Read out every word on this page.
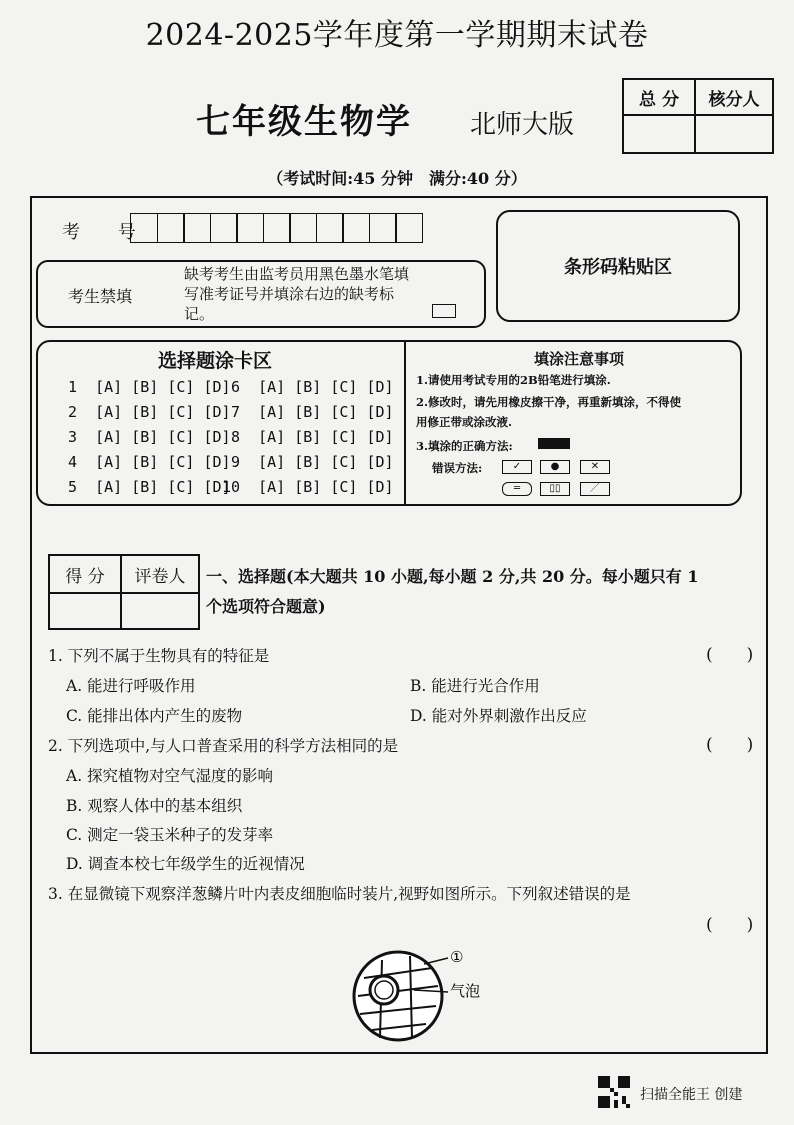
2024-2025学年度第一学期期末试卷
七年级生物学 北师大版
总 分	核分人
（考试时间:45 分钟　满分:40 分）
考 号
条形码粘贴区
考生禁填
缺考考生由监考员用黑色墨水笔填写准考证号并填涂右边的缺考标记。
选择题涂卡区
1  [A] [B] [C] [D]
2  [A] [B] [C] [D]
3  [A] [B] [C] [D]
4  [A] [B] [C] [D]
5  [A] [B] [C] [D]
6  [A] [B] [C] [D]
7  [A] [B] [C] [D]
8  [A] [B] [C] [D]
9  [A] [B] [C] [D]
10  [A] [B] [C] [D]
填涂注意事项
1.请使用考试专用的2B铅笔进行填涂.
2.修改时，请先用橡皮擦干净，再重新填涂，不得使
用修正带或涂改液.
3.填涂的正确方法:
错误方法:	✓	●	✕
═	▯▯	／
得 分	评卷人	一、选择题(本大题共 10 小题,每小题 2 分,共 20 分。每小题只有 1
个选项符合题意)
1. 下列不属于生物具有的特征是	(　　)
A. 能进行呼吸作用	B. 能进行光合作用
C. 能排出体内产生的废物	D. 能对外界刺激作出反应
2. 下列选项中,与人口普查采用的科学方法相同的是	(　　)
A. 探究植物对空气湿度的影响
B. 观察人体中的基本组织
C. 测定一袋玉米种子的发芽率
D. 调查本校七年级学生的近视情况
3. 在显微镜下观察洋葱鳞片叶内表皮细胞临时装片,视野如图所示。下列叙述错误的是
(　　)
①
气泡
扫描全能王 创建
